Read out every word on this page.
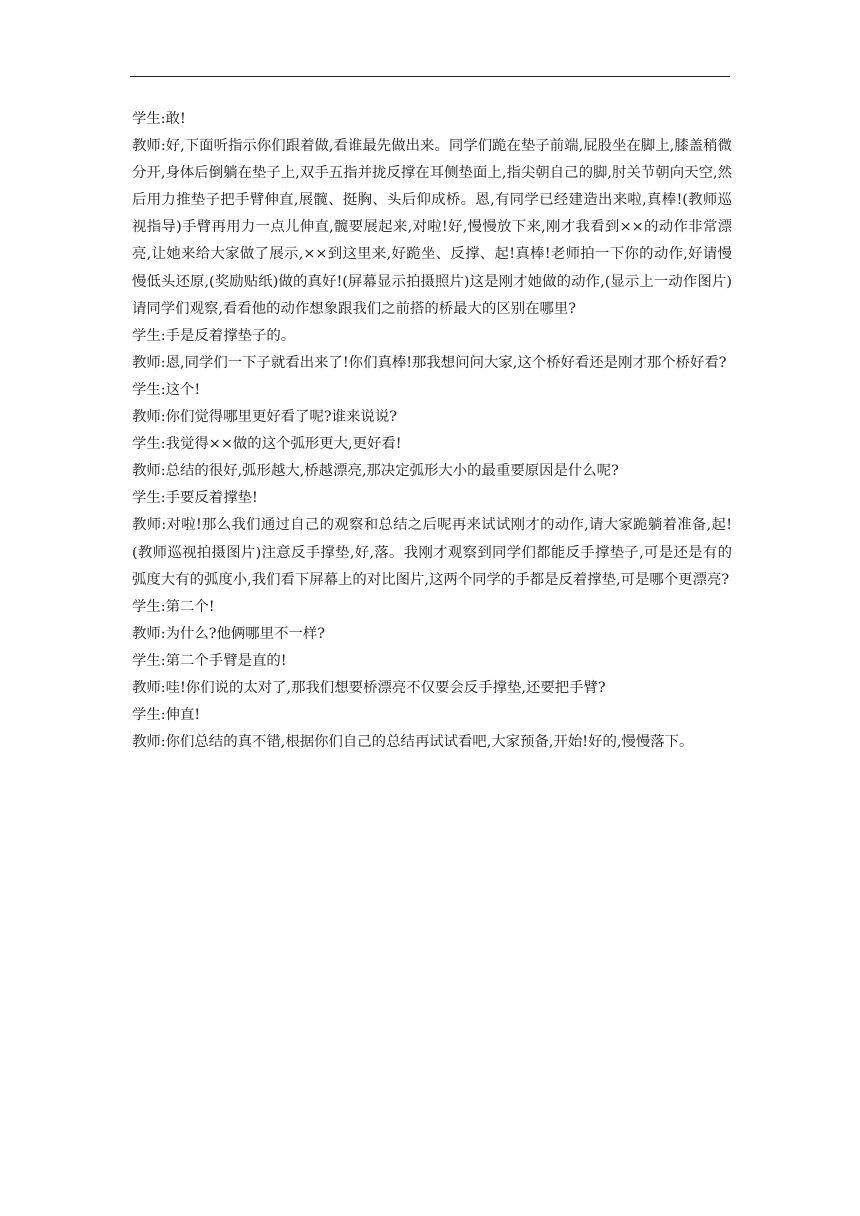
学生:敢!

教师:好,下面听指示你们跟着做,看谁最先做出来。同学们跪在垫子前端,屁股坐在脚上,膝盖稍微分开,身体后倒躺在垫子上,双手五指并拢反撑在耳侧垫面上,指尖朝自己的脚,肘关节朝向天空,然后用力推垫子把手臂伸直,展髋、挺胸、头后仰成桥。恩,有同学已经建造出来啦,真棒!(教师巡视指导)手臂再用力一点儿伸直,髋要展起来,对啦!好,慢慢放下来,刚才我看到××的动作非常漂亮,让她来给大家做了展示,××到这里来,好跪坐、反撑、起!真棒!老师拍一下你的动作,好请慢慢低头还原,(奖励贴纸)做的真好!(屏幕显示拍摄照片)这是刚才她做的动作,(显示上一动作图片)请同学们观察,看看他的动作想象跟我们之前搭的桥最大的区别在哪里?

学生:手是反着撑垫子的。

教师:恩,同学们一下子就看出来了!你们真棒!那我想问问大家,这个桥好看还是刚才那个桥好看?

学生:这个!

教师:你们觉得哪里更好看了呢?谁来说说?

学生:我觉得××做的这个弧形更大,更好看!

教师:总结的很好,弧形越大,桥越漂亮,那决定弧形大小的最重要原因是什么呢?

学生:手要反着撑垫!

教师:对啦!那么我们通过自己的观察和总结之后呢再来试试刚才的动作,请大家跪躺着准备,起!(教师巡视拍摄图片)注意反手撑垫,好,落。我刚才观察到同学们都能反手撑垫子,可是还是有的弧度大有的弧度小,我们看下屏幕上的对比图片,这两个同学的手都是反着撑垫,可是哪个更漂亮?

学生:第二个!

教师:为什么?他俩哪里不一样?

学生:第二个手臂是直的!

教师:哇!你们说的太对了,那我们想要桥漂亮不仅要会反手撑垫,还要把手臂?

学生:伸直!

教师:你们总结的真不错,根据你们自己的总结再试试看吧,大家预备,开始!好的,慢慢落下。
